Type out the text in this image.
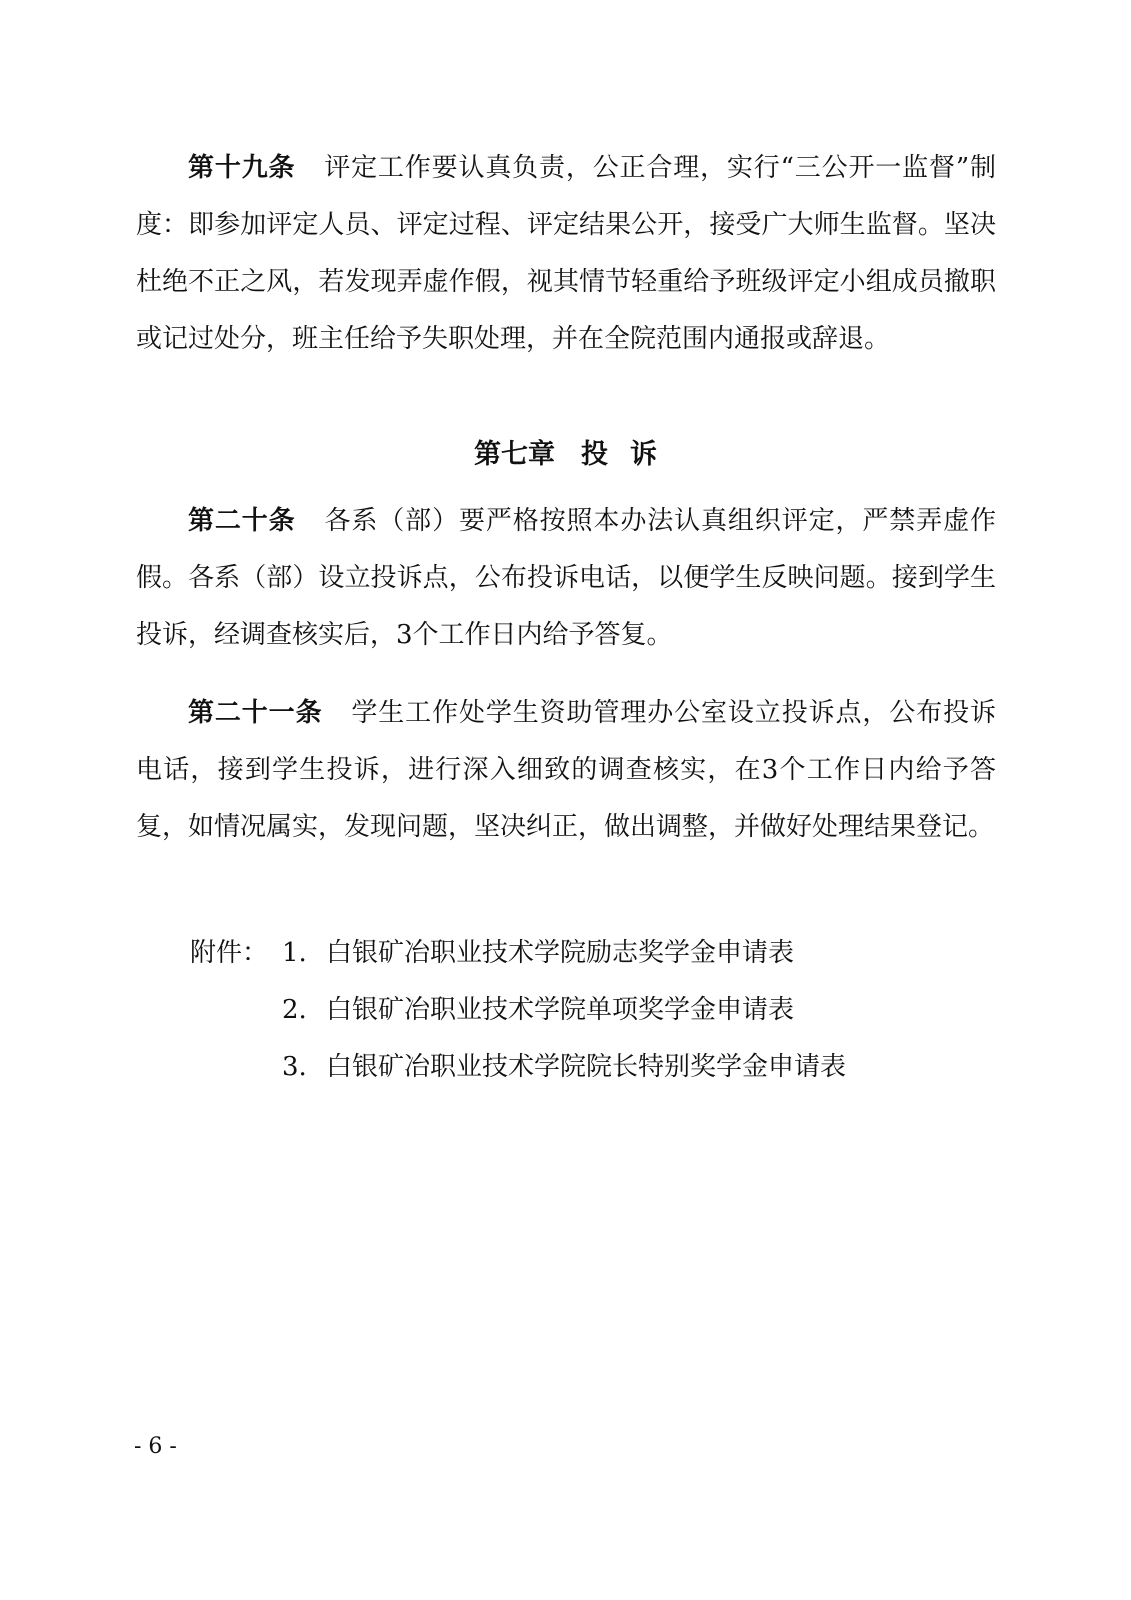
第十九条 评定工作要认真负责，公正合理，实行“三公开一监督”制度：即参加评定人员、评定过程、评定结果公开，接受广大师生监督。坚决杜绝不正之风，若发现弄虚作假，视其情节轻重给予班级评定小组成员撤职或记过处分，班主任给予失职处理，并在全院范围内通报或辞退。
第七章 投 诉
第二十条 各系（部）要严格按照本办法认真组织评定，严禁弄虚作假。各系（部）设立投诉点，公布投诉电话，以便学生反映问题。接到学生投诉，经调查核实后，3个工作日内给予答复。
第二十一条 学生工作处学生资助管理办公室设立投诉点，公布投诉电话，接到学生投诉，进行深入细致的调查核实，在3个工作日内给予答复，如情况属实，发现问题，坚决纠正，做出调整，并做好处理结果登记。
附件： 1. 白银矿冶职业技术学院励志奖学金申请表
2. 白银矿冶职业技术学院单项奖学金申请表
3. 白银矿冶职业技术学院院长特别奖学金申请表
- 6 -
